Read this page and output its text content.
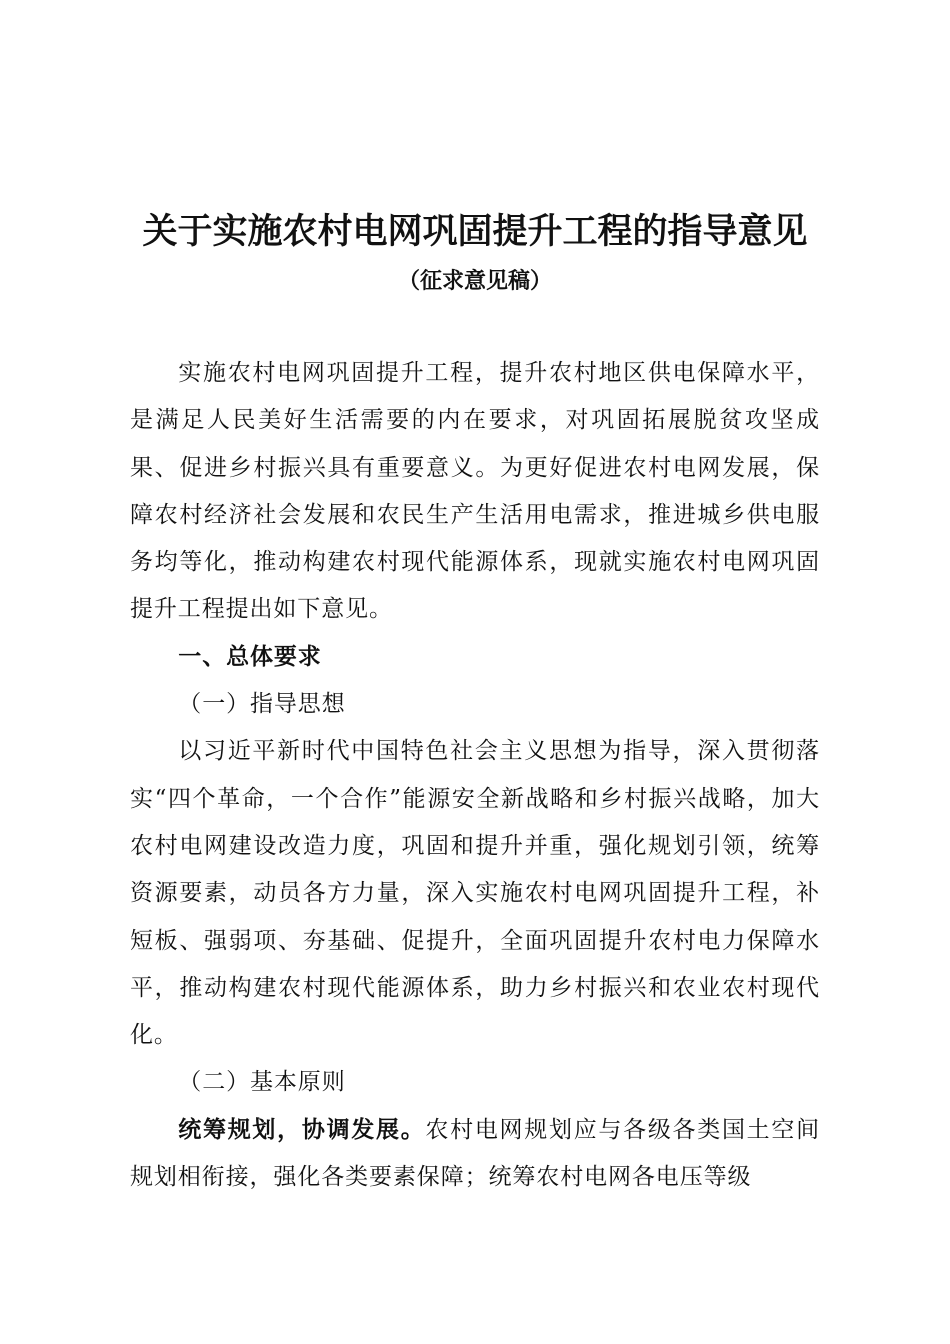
关于实施农村电网巩固提升工程的指导意见
（征求意见稿）

实施农村电网巩固提升工程，提升农村地区供电保障水平，是满足人民美好生活需要的内在要求，对巩固拓展脱贫攻坚成果、促进乡村振兴具有重要意义。为更好促进农村电网发展，保障农村经济社会发展和农民生产生活用电需求，推进城乡供电服务均等化，推动构建农村现代能源体系，现就实施农村电网巩固提升工程提出如下意见。

一、总体要求

（一）指导思想

以习近平新时代中国特色社会主义思想为指导，深入贯彻落实“四个革命，一个合作”能源安全新战略和乡村振兴战略，加大农村电网建设改造力度，巩固和提升并重，强化规划引领，统筹资源要素，动员各方力量，深入实施农村电网巩固提升工程，补短板、强弱项、夯基础、促提升，全面巩固提升农村电力保障水平，推动构建农村现代能源体系，助力乡村振兴和农业农村现代化。

（二）基本原则

统筹规划，协调发展。农村电网规划应与各级各类国土空间规划相衔接，强化各类要素保障；统筹农村电网各电压等级
